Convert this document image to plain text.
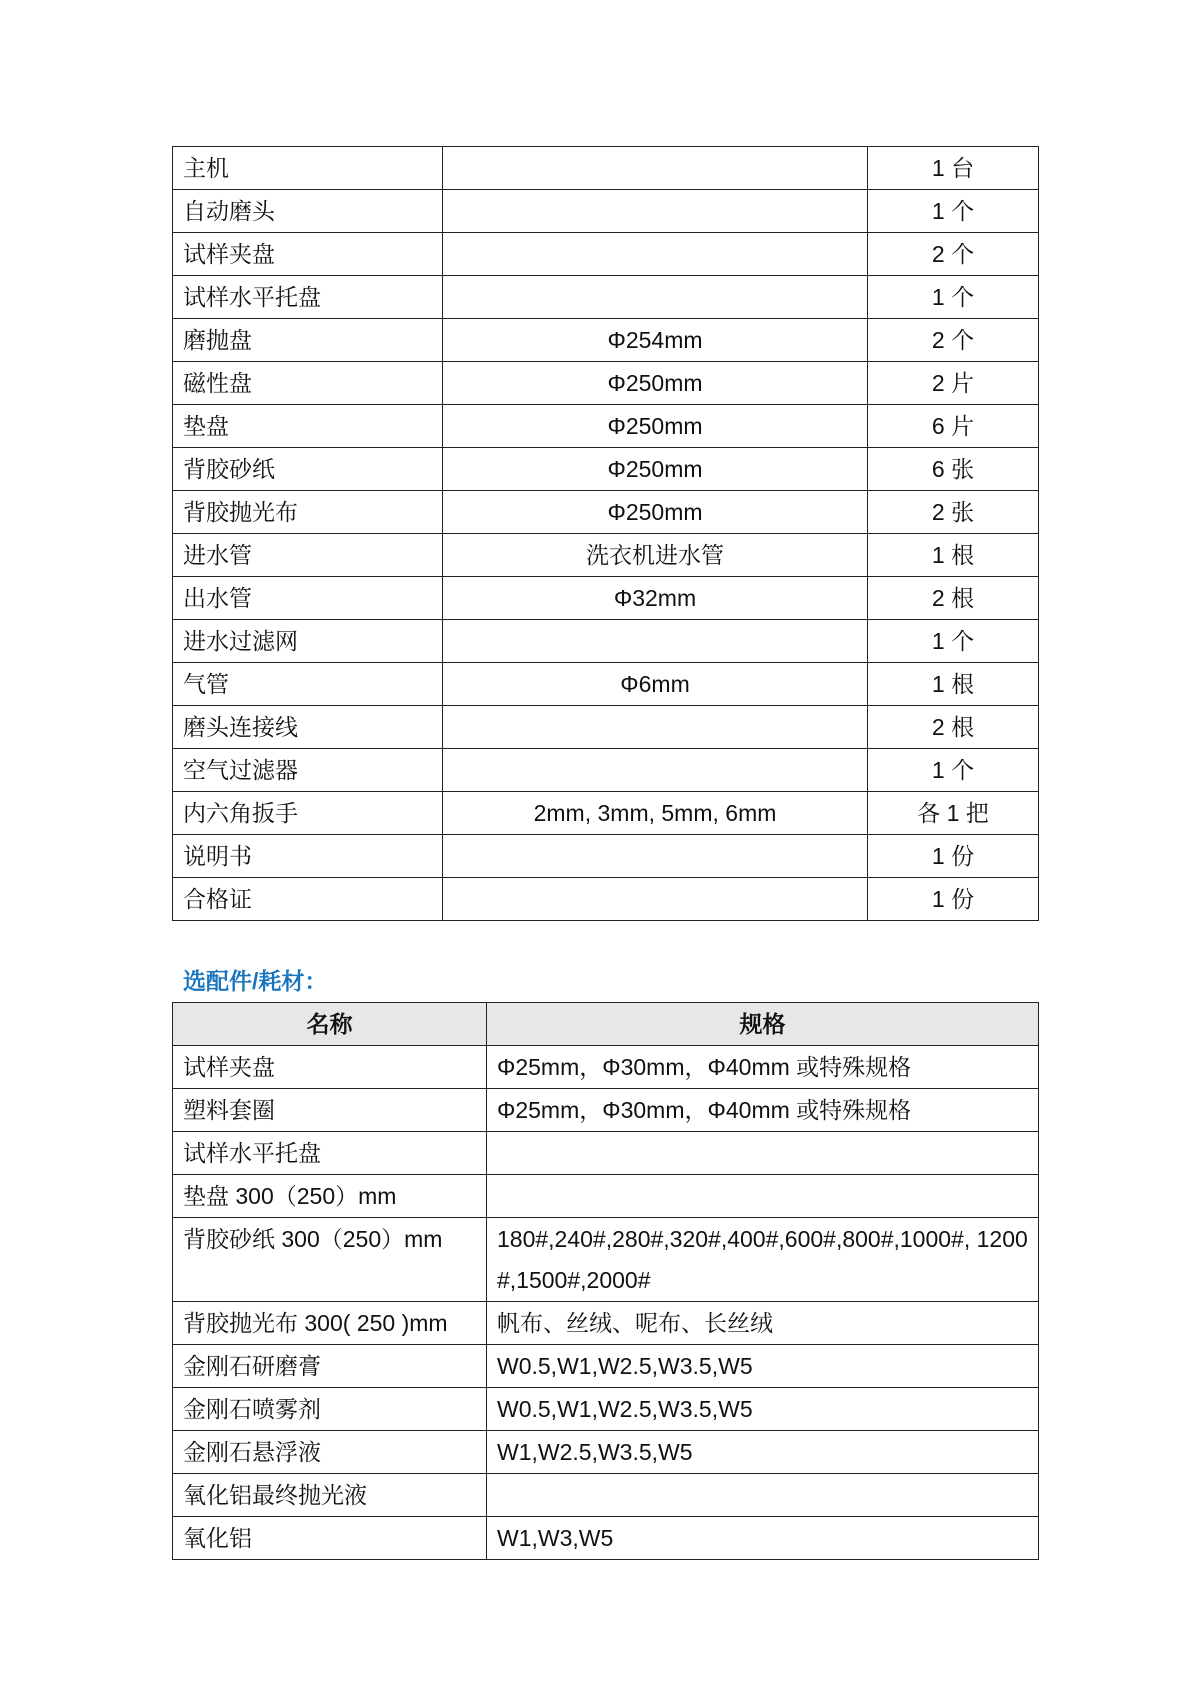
主机		1 台
自动磨头		1 个
试样夹盘		2 个
试样水平托盘		1 个
磨抛盘	Φ254mm	2 个
磁性盘	Φ250mm	2 片
垫盘	Φ250mm	6 片
背胶砂纸	Φ250mm	6 张
背胶抛光布	Φ250mm	2 张
进水管	洗衣机进水管	1 根
出水管	Φ32mm	2 根
进水过滤网		1 个
气管	Φ6mm	1 根
磨头连接线		2 根
空气过滤器		1 个
内六角扳手	2mm, 3mm, 5mm, 6mm	各 1 把
说明书		1 份
合格证		1 份
选配件/耗材：
名称	规格
试样夹盘	Φ25mm，Φ30mm，Φ40mm 或特殊规格
塑料套圈	Φ25mm，Φ30mm，Φ40mm 或特殊规格
试样水平托盘	
垫盘 300（250）mm	
背胶砂纸 300（250）mm	180#,240#,280#,320#,400#,600#,800#,1000#, 1200#,1500#,2000#
背胶抛光布 300( 250 )mm	帆布、丝绒、呢布、长丝绒
金刚石研磨膏	W0.5,W1,W2.5,W3.5,W5
金刚石喷雾剂	W0.5,W1,W2.5,W3.5,W5
金刚石悬浮液	W1,W2.5,W3.5,W5
氧化铝最终抛光液	
氧化铝	W1,W3,W5
